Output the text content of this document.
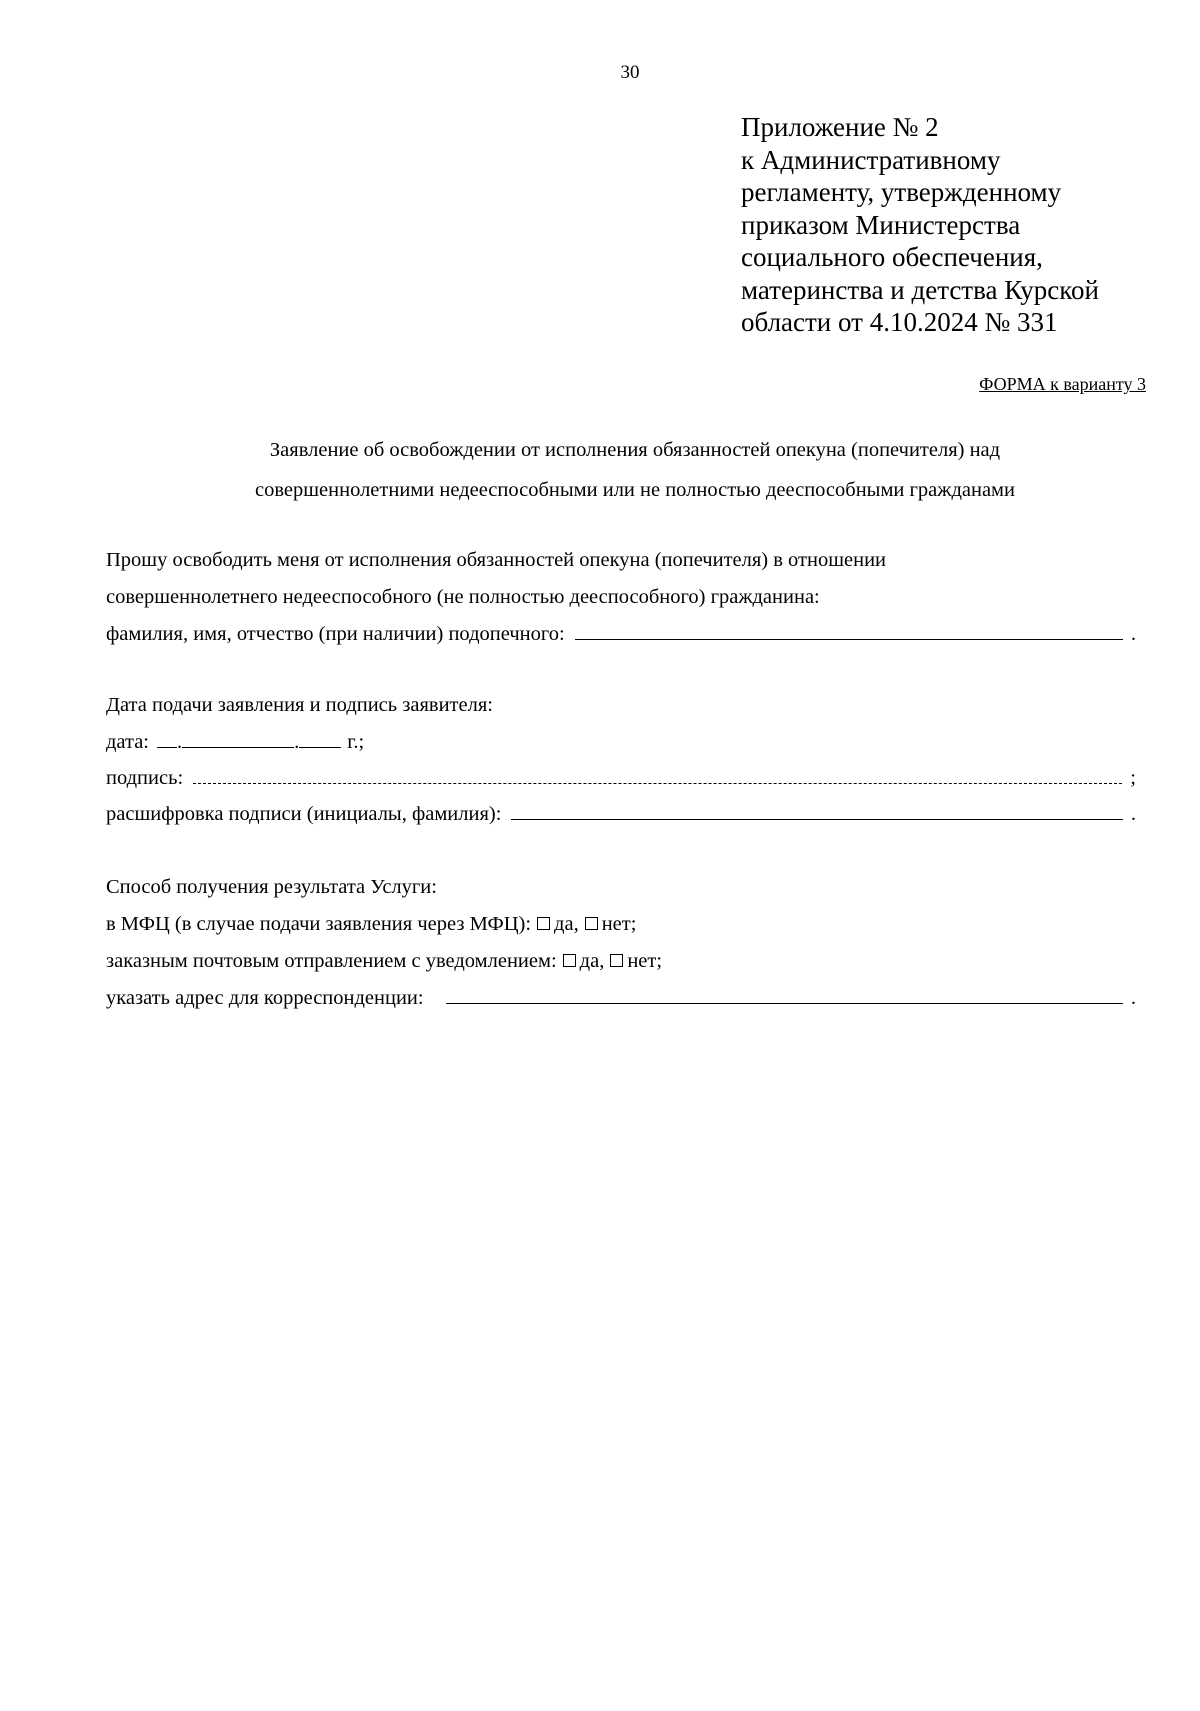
30
Приложение № 2
к Административному
регламенту, утвержденному
приказом Министерства
социального обеспечения,
материнства и детства Курской
области от 4.10.2024 № 331
ФОРМА к варианту 3
Заявление об освобождении от исполнения обязанностей опекуна (попечителя) над
совершеннолетними недееспособными или не полностью дееспособными гражданами
Прошу освободить меня от исполнения обязанностей опекуна (попечителя) в отношении
совершеннолетнего недееспособного (не полностью дееспособного) гражданина:
фамилия, имя, отчество (при наличии) подопечного:	.
Дата подачи заявления и подпись заявителя:
дата: .	. г.;
подпись:	;
расшифровка подписи (инициалы, фамилия):	.
Способ получения результата Услуги:
в МФЦ (в случае подачи заявления через МФЦ): да, нет;
заказным почтовым отправлением с уведомлением: да, нет;
указать адрес для корреспонденции:	.
